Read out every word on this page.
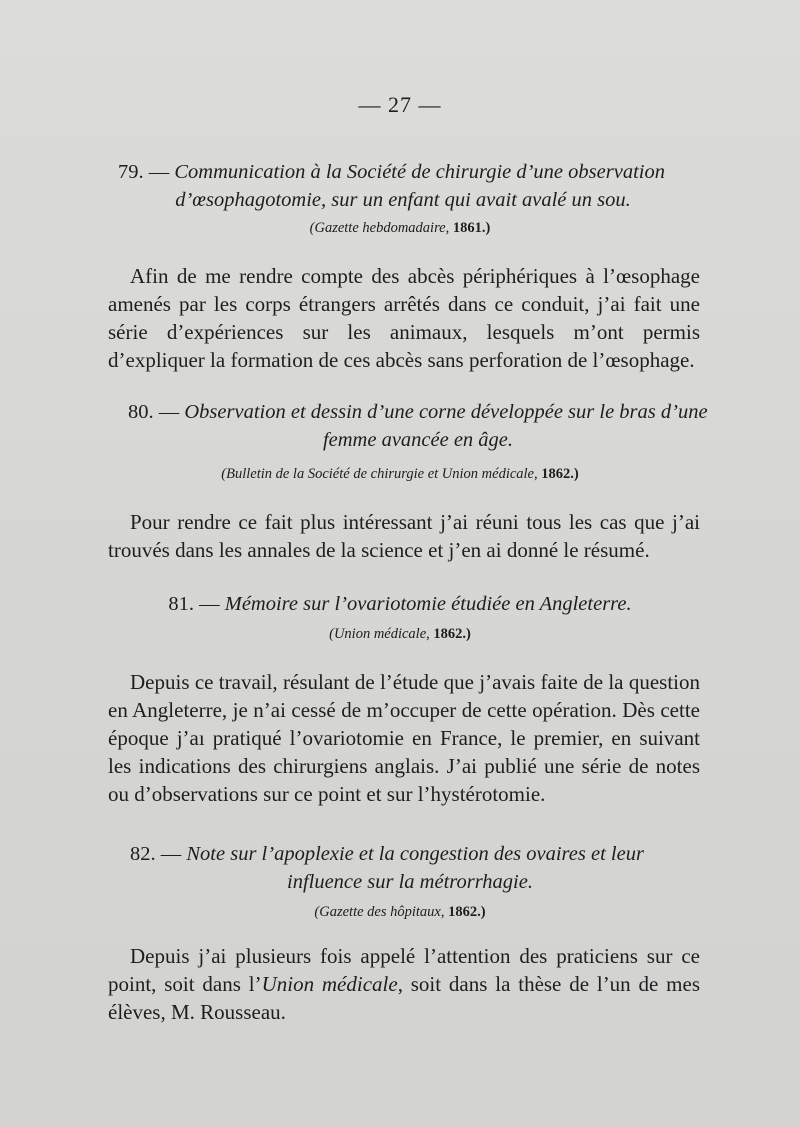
— 27 —
79. — Communication à la Société de chirurgie d’une observation
d’œsophagotomie, sur un enfant qui avait avalé un sou.
(Gazette hebdomadaire, 1861.)
Afin de me rendre compte des abcès périphériques à l’œsophage amenés par les corps étrangers arrêtés dans ce conduit, j’ai fait une série d’expériences sur les animaux, lesquels m’ont permis d’expliquer la formation de ces abcès sans perforation de l’œsophage.
80. — Observation et dessin d’une corne développée sur le bras d’une
femme avancée en âge.
(Bulletin de la Société de chirurgie et Union médicale, 1862.)
Pour rendre ce fait plus intéressant j’ai réuni tous les cas que j’ai trouvés dans les annales de la science et j’en ai donné le résumé.
81. — Mémoire sur l’ovariotomie étudiée en Angleterre.
(Union médicale, 1862.)
Depuis ce travail, résulant de l’étude que j’avais faite de la question en Angleterre, je n’ai cessé de m’occuper de cette opération. Dès cette époque j’aı pratiqué l’ovariotomie en France, le premier, en suivant les indications des chirurgiens anglais. J’ai publié une série de notes ou d’observations sur ce point et sur l’hystérotomie.
82. — Note sur l’apoplexie et la congestion des ovaires et leur
influence sur la métrorrhagie.
(Gazette des hôpitaux, 1862.)
Depuis j’ai plusieurs fois appelé l’attention des praticiens sur ce point, soit dans l’Union médicale, soit dans la thèse de l’un de mes élèves, M. Rousseau.
